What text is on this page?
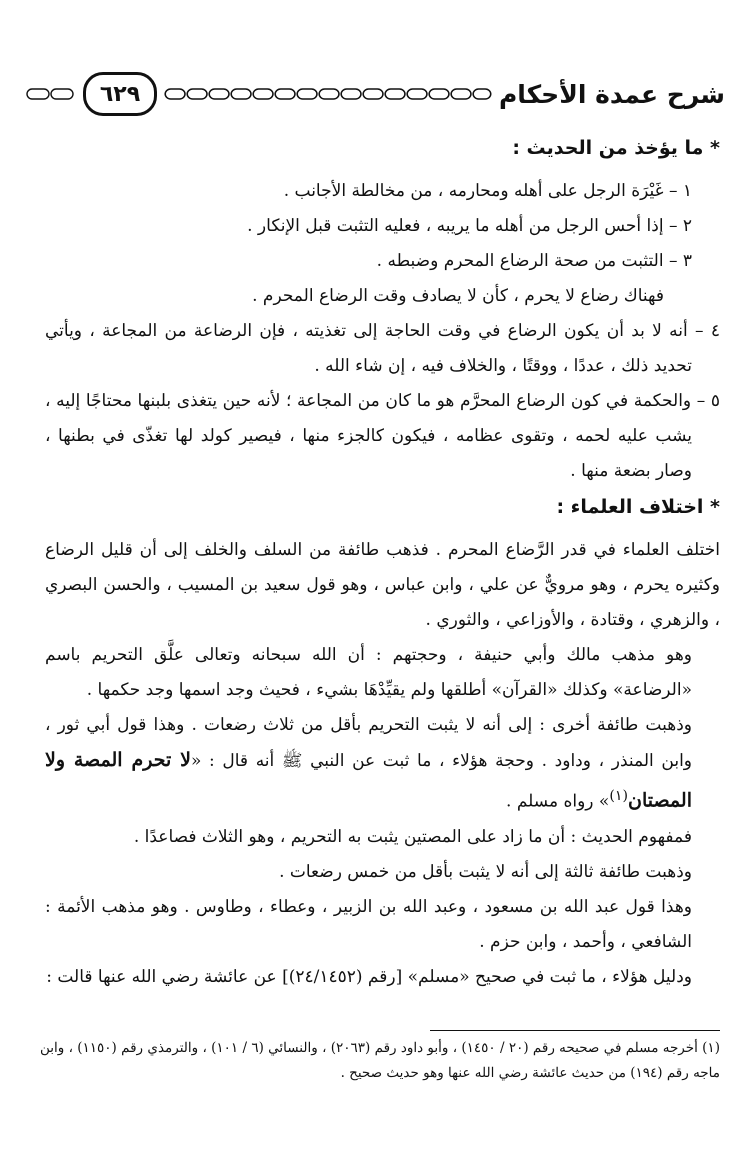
شرح عمدة الأحكام
٦٢٩

* ما يؤخذ من الحديث :

١ – غَيْرَة الرجل على أهله ومحارمه ، من مخالطة الأجانب .

٢ – إذا أحس الرجل من أهله ما يريبه ، فعليه التثبت قبل الإنكار .

٣ – التثبت من صحة الرضاع المحرم وضبطه .

فهناك رضاع لا يحرم ، كأن لا يصادف وقت الرضاع المحرم .

٤ – أنه لا بد أن يكون الرضاع في وقت الحاجة إلى تغذيته ، فإن الرضاعة من المجاعة ، ويأتي تحديد ذلك ، عددًا ، ووقتًا ، والخلاف فيه ، إن شاء الله .

٥ – والحكمة في كون الرضاع المحرَّم هو ما كان من المجاعة ؛ لأنه حين يتغذى بلبنها محتاجًا إليه ، يشب عليه لحمه ، وتقوى عظامه ، فيكون كالجزء منها ، فيصير كولد لها تغذّى في بطنها ، وصار بضعة منها .

* اختلاف العلماء :

اختلف العلماء في قدر الرَّضاع المحرم . فذهب طائفة من السلف والخلف إلى أن قليل الرضاع وكثيره يحرم ، وهو مرويٌّ عن علي ، وابن عباس ، وهو قول سعيد بن المسيب ، والحسن البصري ، والزهري ، وقتادة ، والأوزاعي ، والثوري .

وهو مذهب مالك وأبي حنيفة ، وحجتهم : أن الله سبحانه وتعالى علَّق التحريم باسم «الرضاعة» وكذلك «القرآن» أطلقها ولم يقيِّدْهَا بشيء ، فحيث وجد اسمها وجد حكمها .

وذهبت طائفة أخرى : إلى أنه لا يثبت التحريم بأقل من ثلاث رضعات . وهذا قول أبي ثور ، وابن المنذر ، وداود . وحجة هؤلاء ، ما ثبت عن النبي ﷺ أنه قال : «لا تحرم المصة ولا المصتان$^{(١)}$» رواه مسلم .

فمفهوم الحديث : أن ما زاد على المصتين يثبت به التحريم ، وهو الثلاث فصاعدًا .

وذهبت طائفة ثالثة إلى أنه لا يثبت بأقل من خمس رضعات .

وهذا قول عبد الله بن مسعود ، وعبد الله بن الزبير ، وعطاء ، وطاوس . وهو مذهب الأئمة : الشافعي ، وأحمد ، وابن حزم .

ودليل هؤلاء ، ما ثبت في صحيح «مسلم» [رقم (٢٤/١٤٥٢)] عن عائشة رضي الله عنها قالت :

(١) أخرجه مسلم في صحيحه رقم (٢٠ / ١٤٥٠) ، وأبو داود رقم (٢٠٦٣) ، والنسائي (٦ / ١٠١) ، والترمذي رقم (١١٥٠) ، وابن ماجه رقم (١٩٤) من حديث عائشة رضي الله عنها وهو حديث صحيح .
